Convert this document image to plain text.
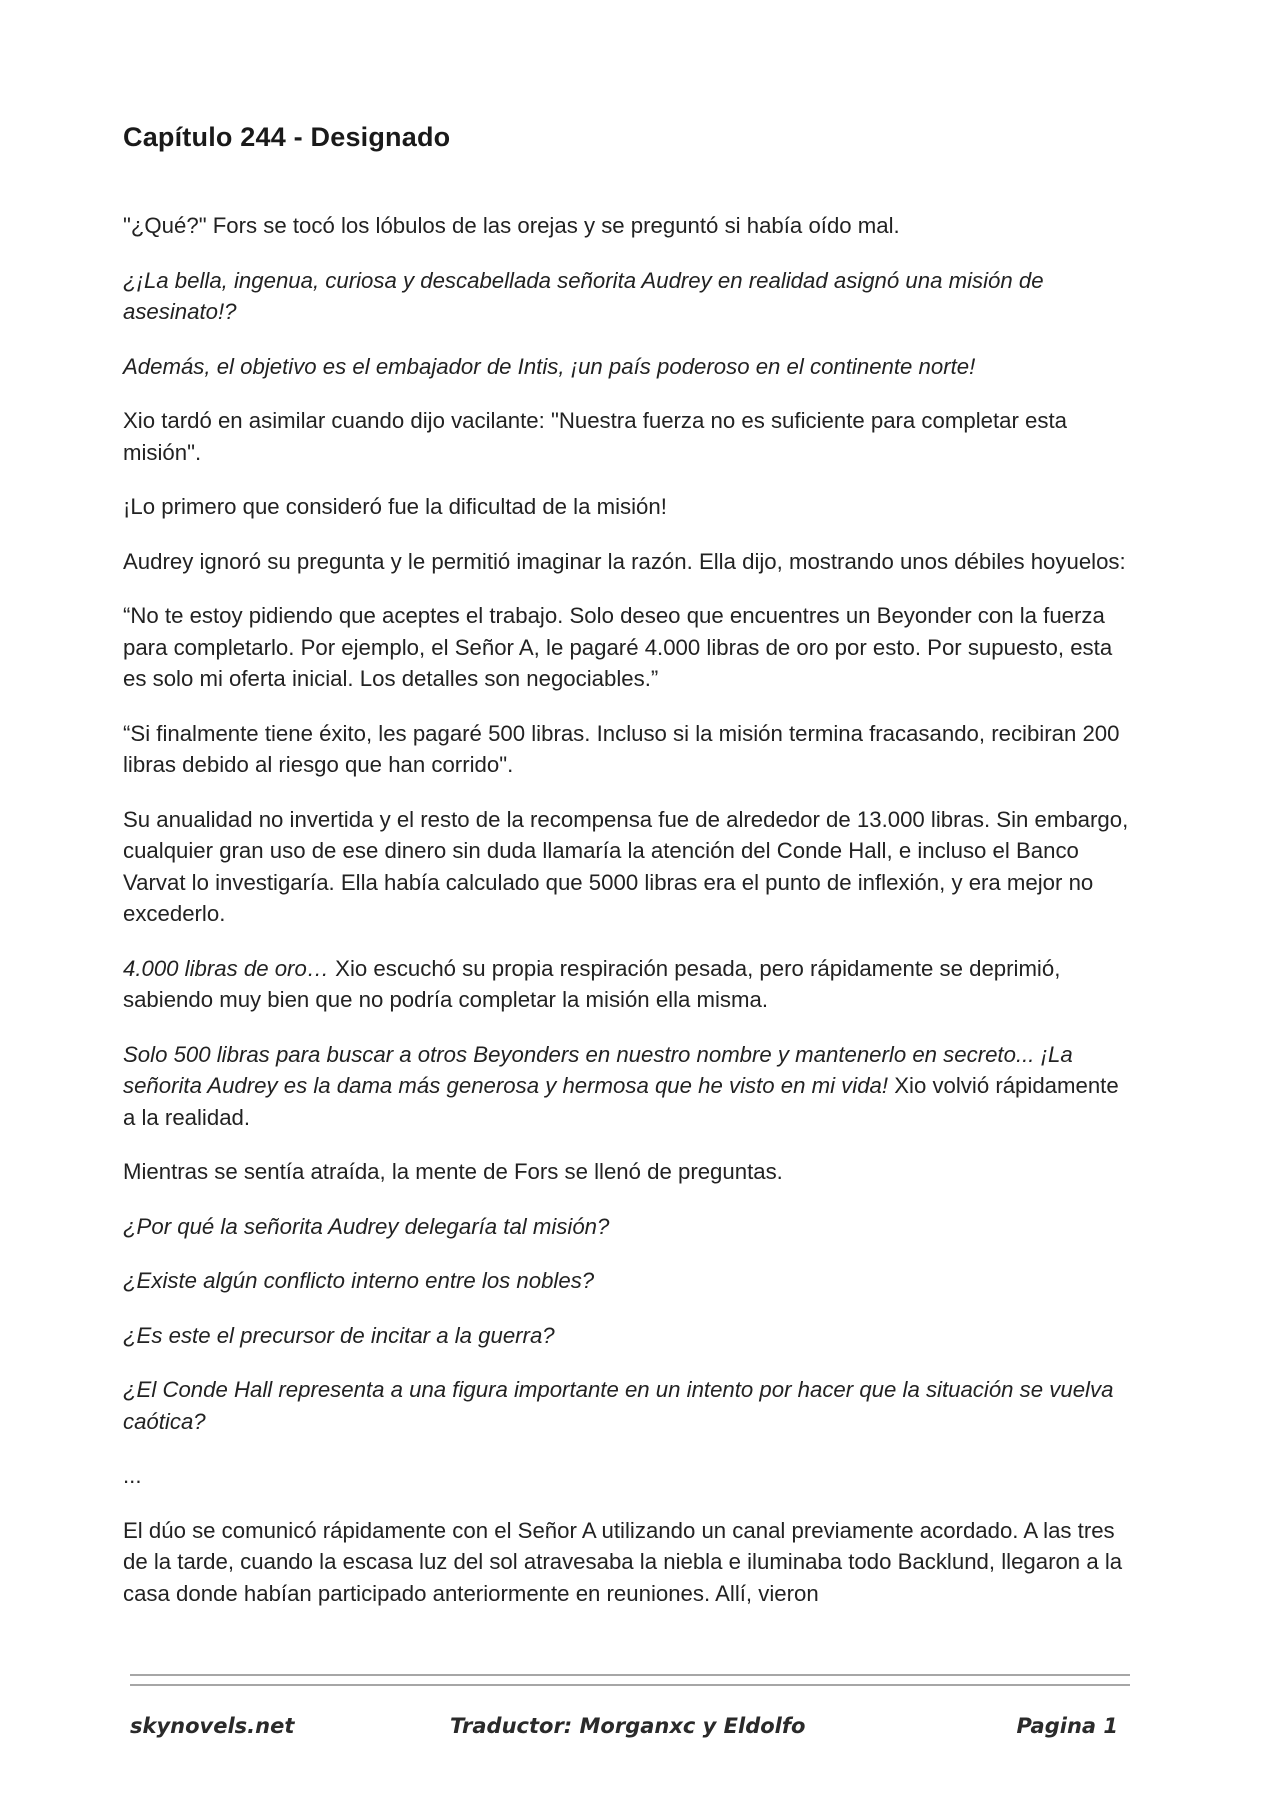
Capítulo 244 - Designado

"¿Qué?" Fors se tocó los lóbulos de las orejas y se preguntó si había oído mal.

¿¡La bella, ingenua, curiosa y descabellada señorita Audrey en realidad asignó una misión de asesinato!?

Además, el objetivo es el embajador de Intis, ¡un país poderoso en el continente norte!

Xio tardó en asimilar cuando dijo vacilante: "Nuestra fuerza no es suficiente para completar esta misión".

¡Lo primero que consideró fue la dificultad de la misión!

Audrey ignoró su pregunta y le permitió imaginar la razón. Ella dijo, mostrando unos débiles hoyuelos:

“No te estoy pidiendo que aceptes el trabajo. Solo deseo que encuentres un Beyonder con la fuerza para completarlo. Por ejemplo, el Señor A, le pagaré 4.000 libras de oro por esto. Por supuesto, esta es solo mi oferta inicial. Los detalles son negociables.”

“Si finalmente tiene éxito, les pagaré 500 libras. Incluso si la misión termina fracasando, recibiran 200 libras debido al riesgo que han corrido".

Su anualidad no invertida y el resto de la recompensa fue de alrededor de 13.000 libras. Sin embargo, cualquier gran uso de ese dinero sin duda llamaría la atención del Conde Hall, e incluso el Banco Varvat lo investigaría. Ella había calculado que 5000 libras era el punto de inflexión, y era mejor no excederlo.

4.000 libras de oro… Xio escuchó su propia respiración pesada, pero rápidamente se deprimió, sabiendo muy bien que no podría completar la misión ella misma.

Solo 500 libras para buscar a otros Beyonders en nuestro nombre y mantenerlo en secreto... ¡La señorita Audrey es la dama más generosa y hermosa que he visto en mi vida! Xio volvió rápidamente a la realidad.

Mientras se sentía atraída, la mente de Fors se llenó de preguntas.

¿Por qué la señorita Audrey delegaría tal misión?

¿Existe algún conflicto interno entre los nobles?

¿Es este el precursor de incitar a la guerra?

¿El Conde Hall representa a una figura importante en un intento por hacer que la situación se vuelva caótica?

...

El dúo se comunicó rápidamente con el Señor A utilizando un canal previamente acordado. A las tres de la tarde, cuando la escasa luz del sol atravesaba la niebla e iluminaba todo Backlund, llegaron a la casa donde habían participado anteriormente en reuniones. Allí, vieron

skynovels.net	Traductor: Morganxc y Eldolfo	Pagina 1
